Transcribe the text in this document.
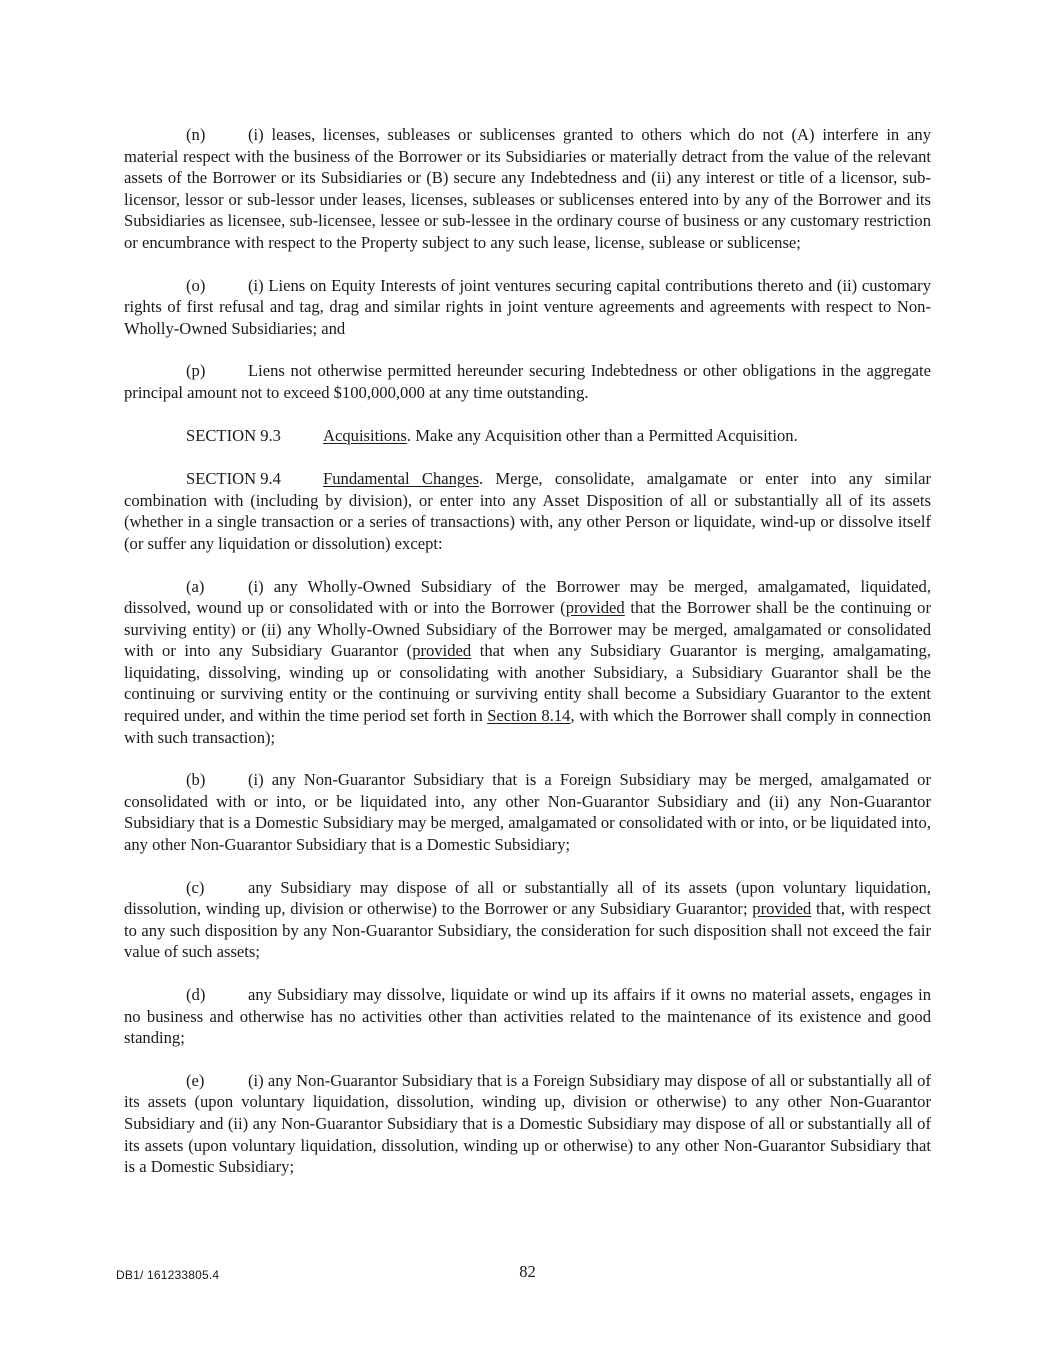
(n)	(i) leases, licenses, subleases or sublicenses granted to others which do not (A) interfere in any material respect with the business of the Borrower or its Subsidiaries or materially detract from the value of the relevant assets of the Borrower or its Subsidiaries or (B) secure any Indebtedness and (ii) any interest or title of a licensor, sub-licensor, lessor or sub-lessor under leases, licenses, subleases or sublicenses entered into by any of the Borrower and its Subsidiaries as licensee, sub-licensee, lessee or sub-lessee in the ordinary course of business or any customary restriction or encumbrance with respect to the Property subject to any such lease, license, sublease or sublicense;

(o)	(i) Liens on Equity Interests of joint ventures securing capital contributions thereto and (ii) customary rights of first refusal and tag, drag and similar rights in joint venture agreements and agreements with respect to Non-Wholly-Owned Subsidiaries; and

(p)	Liens not otherwise permitted hereunder securing Indebtedness or other obligations in the aggregate principal amount not to exceed $100,000,000 at any time outstanding.

SECTION 9.3	Acquisitions. Make any Acquisition other than a Permitted Acquisition.

SECTION 9.4	Fundamental Changes. Merge, consolidate, amalgamate or enter into any similar combination with (including by division), or enter into any Asset Disposition of all or substantially all of its assets (whether in a single transaction or a series of transactions) with, any other Person or liquidate, wind-up or dissolve itself (or suffer any liquidation or dissolution) except:

(a)	(i) any Wholly-Owned Subsidiary of the Borrower may be merged, amalgamated, liquidated, dissolved, wound up or consolidated with or into the Borrower (provided that the Borrower shall be the continuing or surviving entity) or (ii) any Wholly-Owned Subsidiary of the Borrower may be merged, amalgamated or consolidated with or into any Subsidiary Guarantor (provided that when any Subsidiary Guarantor is merging, amalgamating, liquidating, dissolving, winding up or consolidating with another Subsidiary, a Subsidiary Guarantor shall be the continuing or surviving entity or the continuing or surviving entity shall become a Subsidiary Guarantor to the extent required under, and within the time period set forth in Section 8.14, with which the Borrower shall comply in connection with such transaction);

(b)	(i) any Non-Guarantor Subsidiary that is a Foreign Subsidiary may be merged, amalgamated or consolidated with or into, or be liquidated into, any other Non-Guarantor Subsidiary and (ii) any Non-Guarantor Subsidiary that is a Domestic Subsidiary may be merged, amalgamated or consolidated with or into, or be liquidated into, any other Non-Guarantor Subsidiary that is a Domestic Subsidiary;

(c)	any Subsidiary may dispose of all or substantially all of its assets (upon voluntary liquidation, dissolution, winding up, division or otherwise) to the Borrower or any Subsidiary Guarantor; provided that, with respect to any such disposition by any Non-Guarantor Subsidiary, the consideration for such disposition shall not exceed the fair value of such assets;

(d)	any Subsidiary may dissolve, liquidate or wind up its affairs if it owns no material assets, engages in no business and otherwise has no activities other than activities related to the maintenance of its existence and good standing;

(e)	(i) any Non-Guarantor Subsidiary that is a Foreign Subsidiary may dispose of all or substantially all of its assets (upon voluntary liquidation, dissolution, winding up, division or otherwise) to any other Non-Guarantor Subsidiary and (ii) any Non-Guarantor Subsidiary that is a Domestic Subsidiary may dispose of all or substantially all of its assets (upon voluntary liquidation, dissolution, winding up or otherwise) to any other Non-Guarantor Subsidiary that is a Domestic Subsidiary;

DB1/ 161233805.4	82
